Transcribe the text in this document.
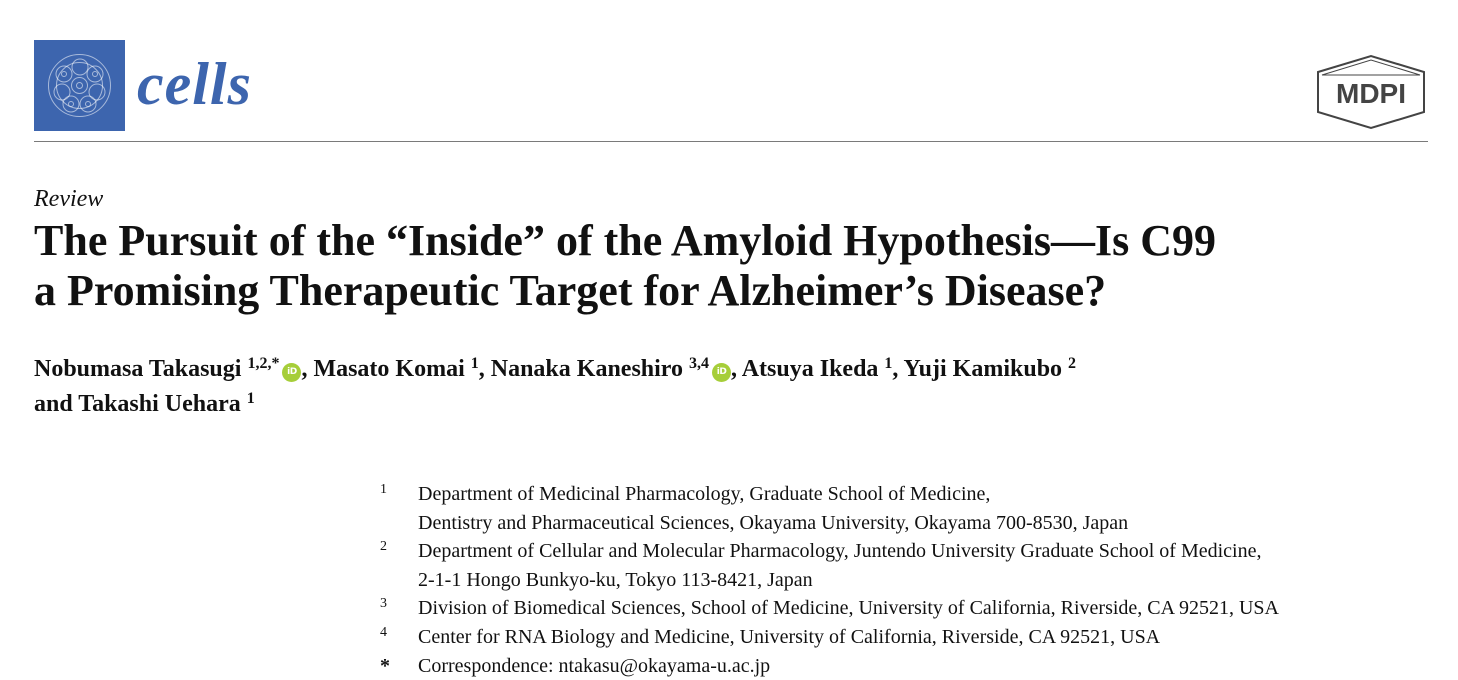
cells	MDPI
Review
The Pursuit of the “Inside” of the Amyloid Hypothesis—Is C99
a Promising Therapeutic Target for Alzheimer’s Disease?
Nobumasa Takasugi $^{1,2,*}$ iD , Masato Komai $^1$, Nanaka Kaneshiro $^{3,4}$ iD , Atsuya Ikeda $^1$, Yuji Kamikubo $^2$
and Takashi Uehara $^1$
1 Department of Medicinal Pharmacology, Graduate School of Medicine,
Dentistry and Pharmaceutical Sciences, Okayama University, Okayama 700-8530, Japan
2 Department of Cellular and Molecular Pharmacology, Juntendo University Graduate School of Medicine,
2-1-1 Hongo Bunkyo-ku, Tokyo 113-8421, Japan
3 Division of Biomedical Sciences, School of Medicine, University of California, Riverside, CA 92521, USA
4 Center for RNA Biology and Medicine, University of California, Riverside, CA 92521, USA
* Correspondence: ntakasu@okayama-u.ac.jp
